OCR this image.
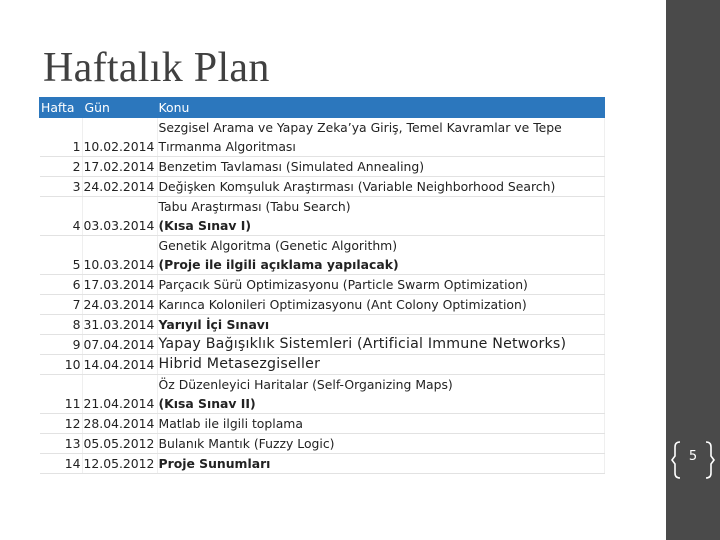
Haftalık Plan
Hafta	Gün	Konu
1	10.02.2014	Sezgisel Arama ve Yapay Zeka’ya Giriş, Temel Kavramlar ve Tepe
Tırmanma Algoritması

2	17.02.2014	Benzetim Tavlaması (Simulated Annealing)

3	24.02.2014	Değişken Komşuluk Araştırması (Variable Neighborhood Search)

4	03.03.2014	Tabu Araştırması (Tabu Search)
(Kısa Sınav I)

5	10.03.2014	Genetik Algoritma (Genetic Algorithm)
(Proje ile ilgili açıklama yapılacak)

6	17.03.2014	Parçacık Sürü Optimizasyonu (Particle Swarm Optimization)

7	24.03.2014	Karınca Kolonileri Optimizasyonu (Ant Colony Optimization)

8	31.03.2014	Yarıyıl İçi Sınavı

9	07.04.2014	Yapay Bağışıklık Sistemleri (Artificial Immune Networks)

10	14.04.2014	Hibrid Metasezgiseller

11	21.04.2014	Öz Düzenleyici Haritalar (Self-Organizing Maps)
(Kısa Sınav II)

12	28.04.2014	Matlab ile ilgili toplama

13	05.05.2012	Bulanık Mantık (Fuzzy Logic)

14	12.05.2012	Proje Sunumları	5
